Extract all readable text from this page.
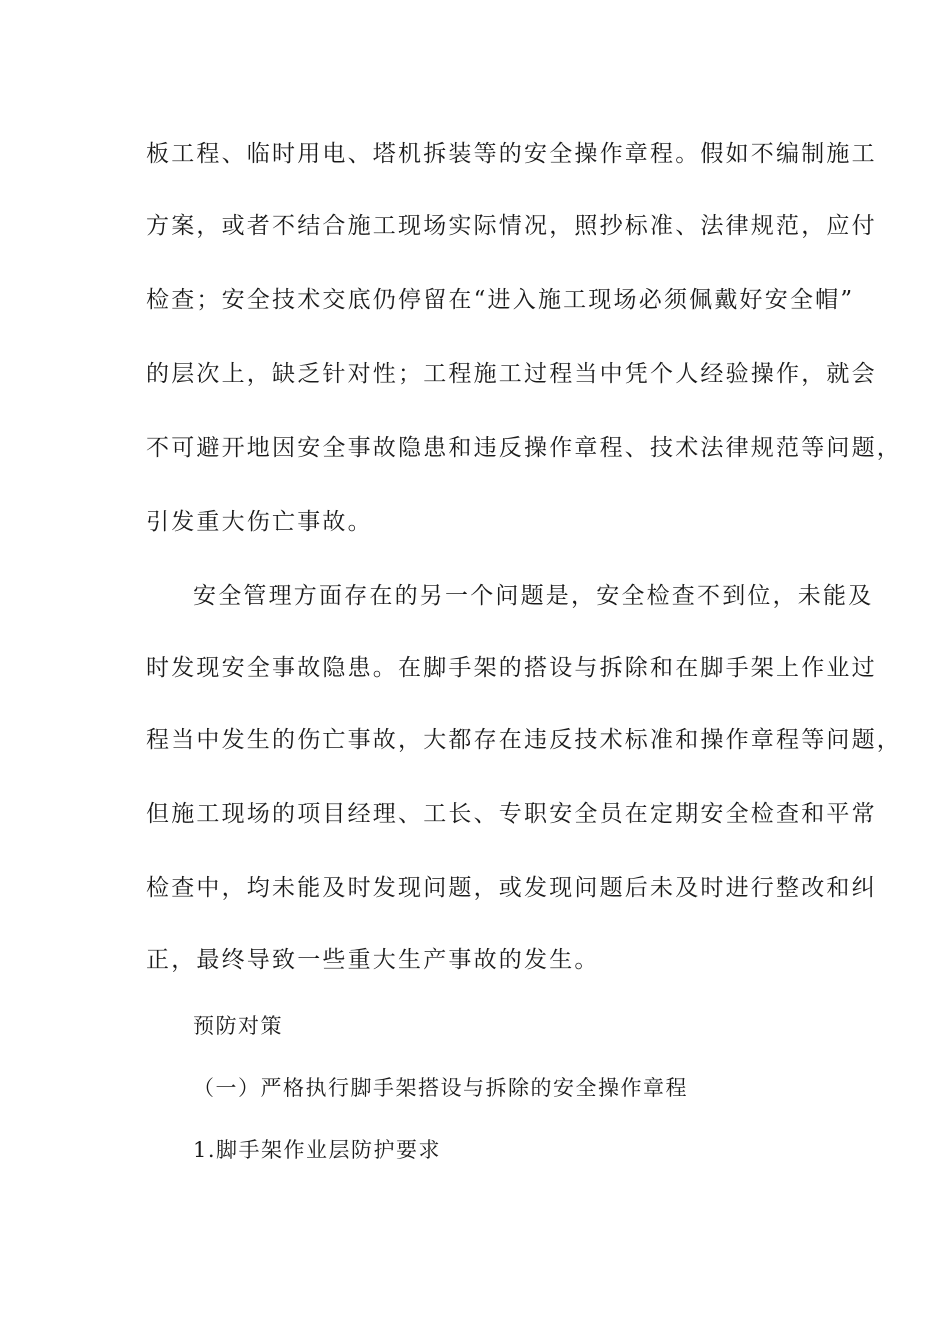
板工程、临时用电、塔机拆装等的安全操作章程。假如不编制施工
方案，或者不结合施工现场实际情况，照抄标准、法律规范，应付
检查；安全技术交底仍停留在“进入施工现场必须佩戴好安全帽”
的层次上，缺乏针对性；工程施工过程当中凭个人经验操作，就会
不可避开地因安全事故隐患和违反操作章程、技术法律规范等问题，
引发重大伤亡事故。
安全管理方面存在的另一个问题是，安全检查不到位，未能及
时发现安全事故隐患。在脚手架的搭设与拆除和在脚手架上作业过
程当中发生的伤亡事故，大都存在违反技术标准和操作章程等问题，
但施工现场的项目经理、工长、专职安全员在定期安全检查和平常
检查中，均未能及时发现问题，或发现问题后未及时进行整改和纠
正，最终导致一些重大生产事故的发生。
预防对策
（一）严格执行脚手架搭设与拆除的安全操作章程
1.脚手架作业层防护要求
